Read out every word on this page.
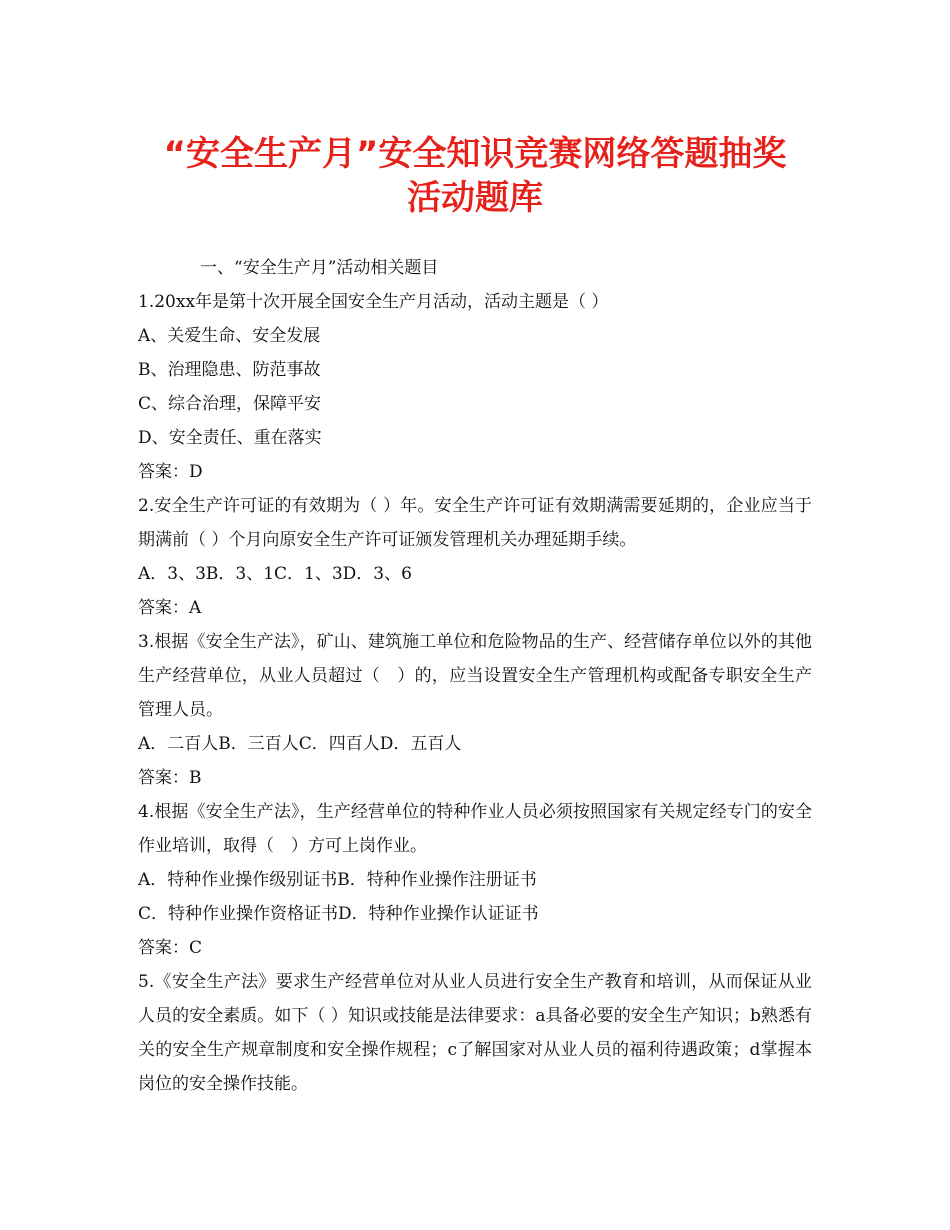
“安全生产月”安全知识竞赛网络答题抽奖
活动题库
一、“安全生产月”活动相关题目

1.20xx年是第十次开展全国安全生产月活动，活动主题是（ ）

A、关爱生命、安全发展

B、治理隐患、防范事故

C、综合治理，保障平安

D、安全责任、重在落实

答案：D

2.安全生产许可证的有效期为（ ）年。安全生产许可证有效期满需要延期的，企业应当于期满前（ ）个月向原安全生产许可证颁发管理机关办理延期手续。

A．3、3B．3、1C．1、3D．3、6

答案：A

3.根据《安全生产法》，矿山、建筑施工单位和危险物品的生产、经营储存单位以外的其他生产经营单位，从业人员超过（　）的，应当设置安全生产管理机构或配备专职安全生产管理人员。

A．二百人B．三百人C．四百人D．五百人

答案：B

4.根据《安全生产法》，生产经营单位的特种作业人员必须按照国家有关规定经专门的安全作业培训，取得（　）方可上岗作业。

A．特种作业操作级别证书B．特种作业操作注册证书

C．特种作业操作资格证书D．特种作业操作认证证书

答案：C

5.《安全生产法》要求生产经营单位对从业人员进行安全生产教育和培训，从而保证从业人员的安全素质。如下（ ）知识或技能是法律要求：a具备必要的安全生产知识；b熟悉有关的安全生产规章制度和安全操作规程；c了解国家对从业人员的福利待遇政策；d掌握本岗位的安全操作技能。
